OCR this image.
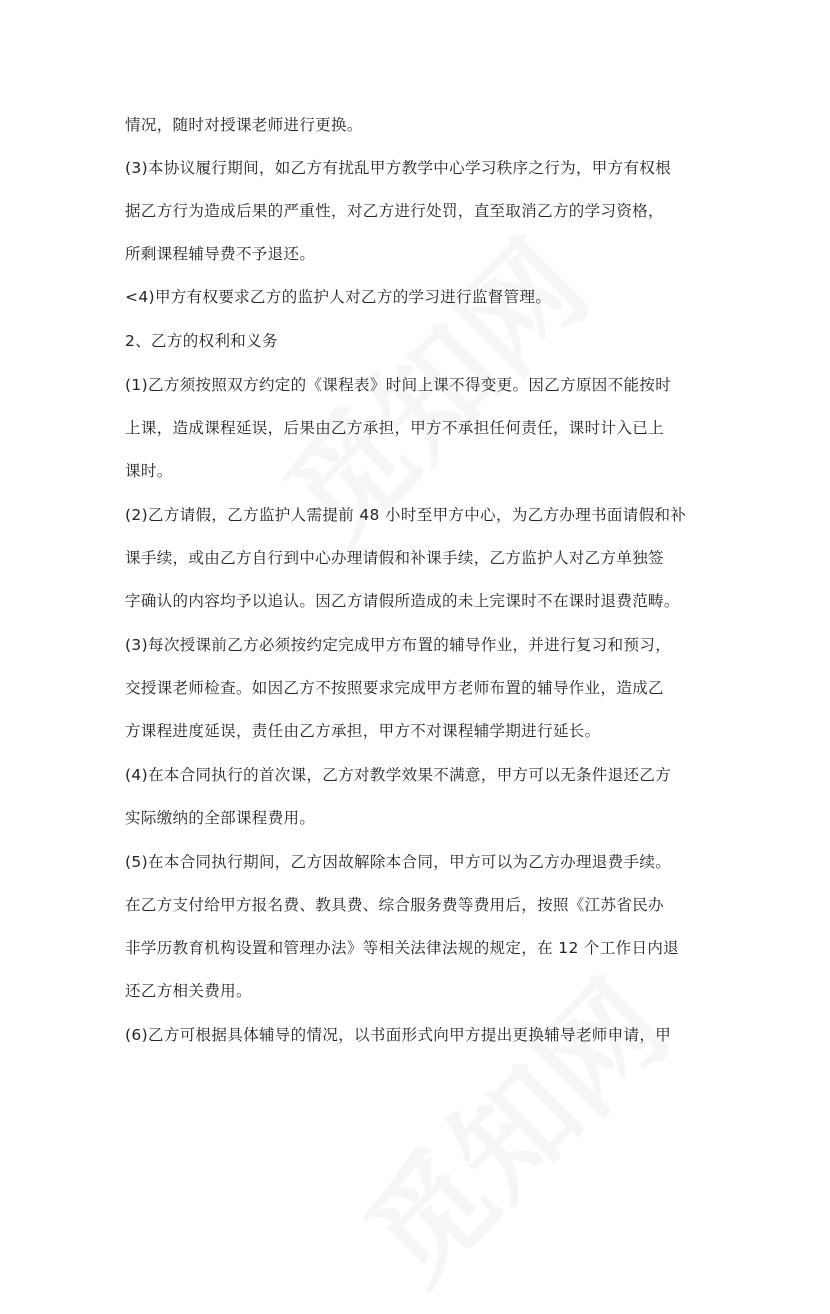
情况，随时对授课老师进行更换。
(3)本协议履行期间，如乙方有扰乱甲方教学中心学习秩序之行为，甲方有权根
据乙方行为造成后果的严重性，对乙方进行处罚，直至取消乙方的学习资格，
所剩课程辅导费不予退还。
<4)甲方有权要求乙方的监护人对乙方的学习进行监督管理。
2、乙方的权利和义务
(1)乙方须按照双方约定的《课程表》时间上课不得变更。因乙方原因不能按时
上课，造成课程延误，后果由乙方承担，甲方不承担任何责任，课时计入已上
课时。
(2)乙方请假，乙方监护人需提前 48 小时至甲方中心，为乙方办理书面请假和补
课手续，或由乙方自行到中心办理请假和补课手续，乙方监护人对乙方单独签
字确认的内容均予以追认。因乙方请假所造成的未上完课时不在课时退费范畴。
(3)每次授课前乙方必须按约定完成甲方布置的辅导作业，并进行复习和预习，
交授课老师检查。如因乙方不按照要求完成甲方老师布置的辅导作业，造成乙
方课程进度延误，责任由乙方承担，甲方不对课程辅学期进行延长。
(4)在本合同执行的首次课，乙方对教学效果不满意，甲方可以无条件退还乙方
实际缴纳的全部课程费用。
(5)在本合同执行期间，乙方因故解除本合同，甲方可以为乙方办理退费手续。
在乙方支付给甲方报名费、教具费、综合服务费等费用后，按照《江苏省民办
非学历教育机构设置和管理办法》等相关法律法规的规定，在 12 个工作日内退
还乙方相关费用。
(6)乙方可根据具体辅导的情况，以书面形式向甲方提出更换辅导老师申请，甲
